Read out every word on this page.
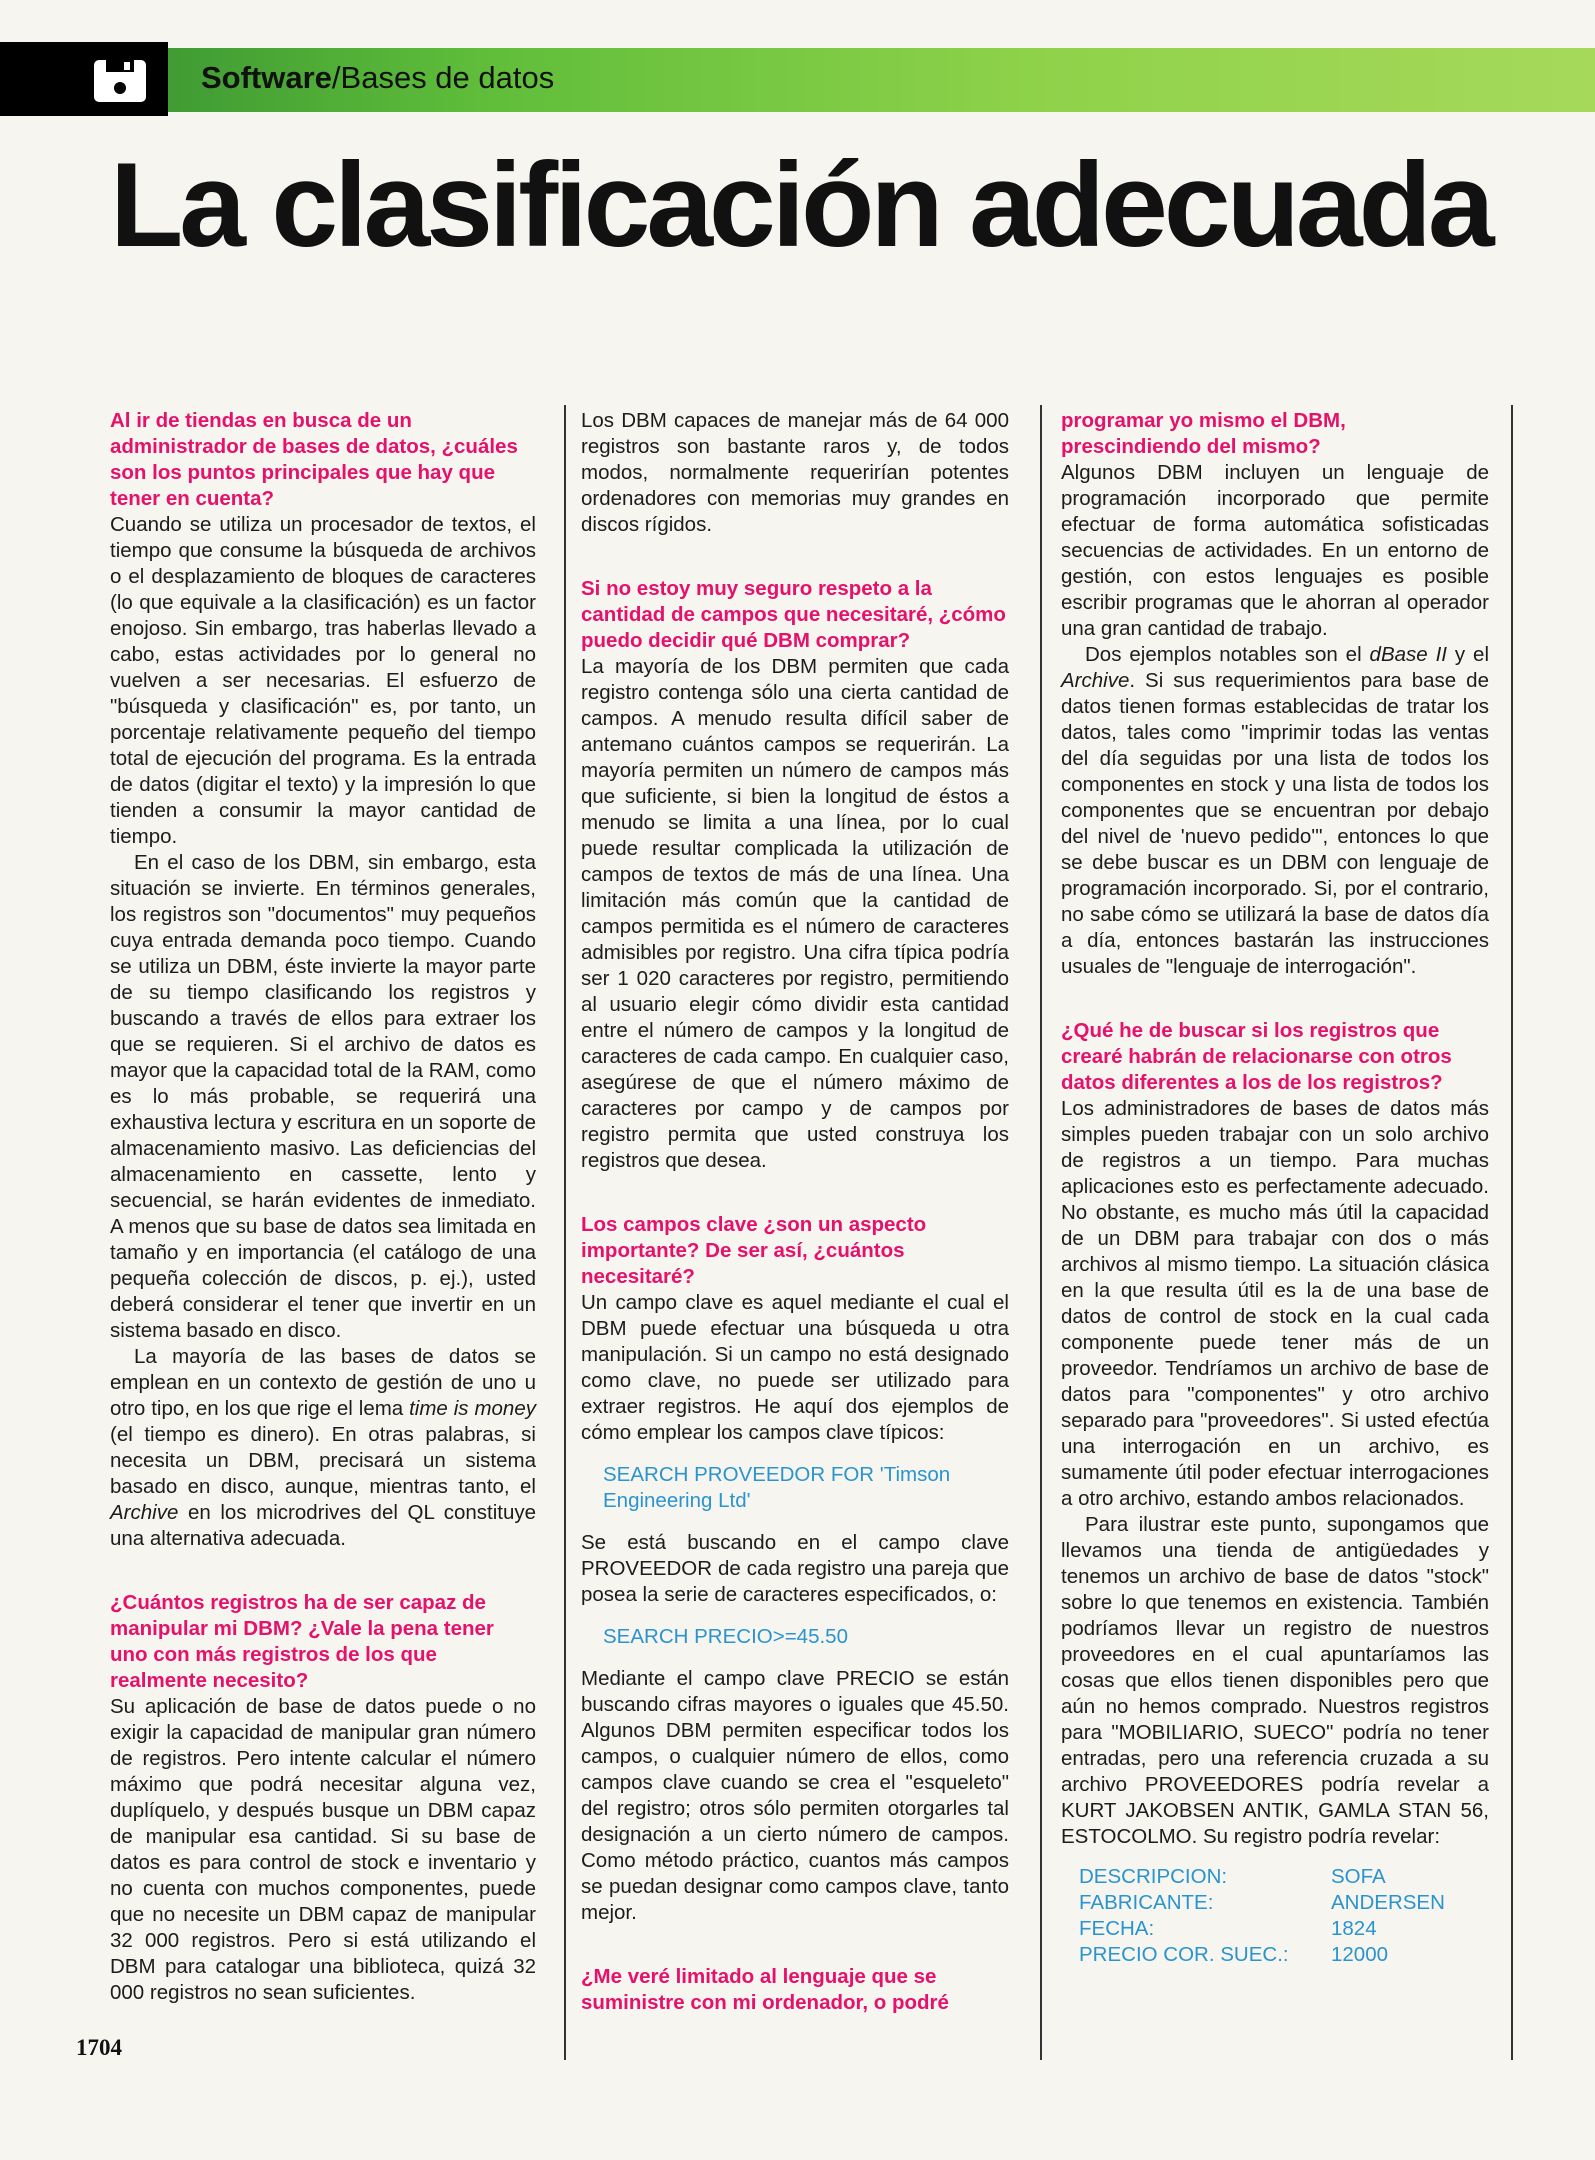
Software/Bases de datos
La clasificación adecuada

Al ir de tiendas en busca de un administrador de bases de datos, ¿cuáles son los puntos principales que hay que tener en cuenta?

Cuando se utiliza un procesador de textos, el tiempo que consume la búsqueda de archivos o el desplazamiento de bloques de caracteres (lo que equivale a la clasificación) es un factor enojoso. Sin embargo, tras haberlas llevado a cabo, estas actividades por lo general no vuelven a ser necesarias. El esfuerzo de "búsqueda y clasificación" es, por tanto, un porcentaje relativamente pequeño del tiempo total de ejecución del programa. Es la entrada de datos (digitar el texto) y la impresión lo que tienden a consumir la mayor cantidad de tiempo.

En el caso de los DBM, sin embargo, esta situación se invierte. En términos generales, los registros son "documentos" muy pequeños cuya entrada demanda poco tiempo. Cuando se utiliza un DBM, éste invierte la mayor parte de su tiempo clasificando los registros y buscando a través de ellos para extraer los que se requieren. Si el archivo de datos es mayor que la capacidad total de la RAM, como es lo más probable, se requerirá una exhaustiva lectura y escritura en un soporte de almacenamiento masivo. Las deficiencias del almacenamiento en cassette, lento y secuencial, se harán evidentes de inmediato. A menos que su base de datos sea limitada en tamaño y en importancia (el catálogo de una pequeña colección de discos, p. ej.), usted deberá considerar el tener que invertir en un sistema basado en disco.

La mayoría de las bases de datos se emplean en un contexto de gestión de uno u otro tipo, en los que rige el lema time is money (el tiempo es dinero). En otras palabras, si necesita un DBM, precisará un sistema basado en disco, aunque, mientras tanto, el Archive en los microdrives del QL constituye una alternativa adecuada.

¿Cuántos registros ha de ser capaz de manipular mi DBM? ¿Vale la pena tener uno con más registros de los que realmente necesito?

Su aplicación de base de datos puede o no exigir la capacidad de manipular gran número de registros. Pero intente calcular el número máximo que podrá necesitar alguna vez, duplíquelo, y después busque un DBM capaz de manipular esa cantidad. Si su base de datos es para control de stock e inventario y no cuenta con muchos componentes, puede que no necesite un DBM capaz de manipular 32 000 registros. Pero si está utilizando el DBM para catalogar una biblioteca, quizá 32 000 registros no sean suficientes.

Los DBM capaces de manejar más de 64 000 registros son bastante raros y, de todos modos, normalmente requerirían potentes ordenadores con memorias muy grandes en discos rígidos.

Si no estoy muy seguro respeto a la cantidad de campos que necesitaré, ¿cómo puedo decidir qué DBM comprar?

La mayoría de los DBM permiten que cada registro contenga sólo una cierta cantidad de campos. A menudo resulta difícil saber de antemano cuántos campos se requerirán. La mayoría permiten un número de campos más que suficiente, si bien la longitud de éstos a menudo se limita a una línea, por lo cual puede resultar complicada la utilización de campos de textos de más de una línea. Una limitación más común que la cantidad de campos permitida es el número de caracteres admisibles por registro. Una cifra típica podría ser 1 020 caracteres por registro, permitiendo al usuario elegir cómo dividir esta cantidad entre el número de campos y la longitud de caracteres de cada campo. En cualquier caso, asegúrese de que el número máximo de caracteres por campo y de campos por registro permita que usted construya los registros que desea.

Los campos clave ¿son un aspecto importante? De ser así, ¿cuántos necesitaré?

Un campo clave es aquel mediante el cual el DBM puede efectuar una búsqueda u otra manipulación. Si un campo no está designado como clave, no puede ser utilizado para extraer registros. He aquí dos ejemplos de cómo emplear los campos clave típicos:

SEARCH PROVEEDOR FOR 'Timson Engineering Ltd'

Se está buscando en el campo clave PROVEEDOR de cada registro una pareja que posea la serie de caracteres especificados, o:

SEARCH PRECIO>=45.50

Mediante el campo clave PRECIO se están buscando cifras mayores o iguales que 45.50. Algunos DBM permiten especificar todos los campos, o cualquier número de ellos, como campos clave cuando se crea el "esqueleto" del registro; otros sólo permiten otorgarles tal designación a un cierto número de campos. Como método práctico, cuantos más campos se puedan designar como campos clave, tanto mejor.

¿Me veré limitado al lenguaje que se suministre con mi ordenador, o podré

programar yo mismo el DBM, prescindiendo del mismo?

Algunos DBM incluyen un lenguaje de programación incorporado que permite efectuar de forma automática sofisticadas secuencias de actividades. En un entorno de gestión, con estos lenguajes es posible escribir programas que le ahorran al operador una gran cantidad de trabajo.

Dos ejemplos notables son el dBase II y el Archive. Si sus requerimientos para base de datos tienen formas establecidas de tratar los datos, tales como "imprimir todas las ventas del día seguidas por una lista de todos los componentes en stock y una lista de todos los componentes que se encuentran por debajo del nivel de 'nuevo pedido'", entonces lo que se debe buscar es un DBM con lenguaje de programación incorporado. Si, por el contrario, no sabe cómo se utilizará la base de datos día a día, entonces bastarán las instrucciones usuales de "lenguaje de interrogación".

¿Qué he de buscar si los registros que crearé habrán de relacionarse con otros datos diferentes a los de los registros?

Los administradores de bases de datos más simples pueden trabajar con un solo archivo de registros a un tiempo. Para muchas aplicaciones esto es perfectamente adecuado. No obstante, es mucho más útil la capacidad de un DBM para trabajar con dos o más archivos al mismo tiempo. La situación clásica en la que resulta útil es la de una base de datos de control de stock en la cual cada componente puede tener más de un proveedor. Tendríamos un archivo de base de datos para "componentes" y otro archivo separado para "proveedores". Si usted efectúa una interrogación en un archivo, es sumamente útil poder efectuar interrogaciones a otro archivo, estando ambos relacionados.

Para ilustrar este punto, supongamos que llevamos una tienda de antigüedades y tenemos un archivo de base de datos "stock" sobre lo que tenemos en existencia. También podríamos llevar un registro de nuestros proveedores en el cual apuntaríamos las cosas que ellos tienen disponibles pero que aún no hemos comprado. Nuestros registros para "MOBILIARIO, SUECO" podría no tener entradas, pero una referencia cruzada a su archivo PROVEEDORES podría revelar a KURT JAKOBSEN ANTIK, GAMLA STAN 56, ESTOCOLMO. Su registro podría revelar:

DESCRIPCION:	SOFA
FABRICANTE:	ANDERSEN
FECHA:	1824
PRECIO COR. SUEC.:	12000
1704
